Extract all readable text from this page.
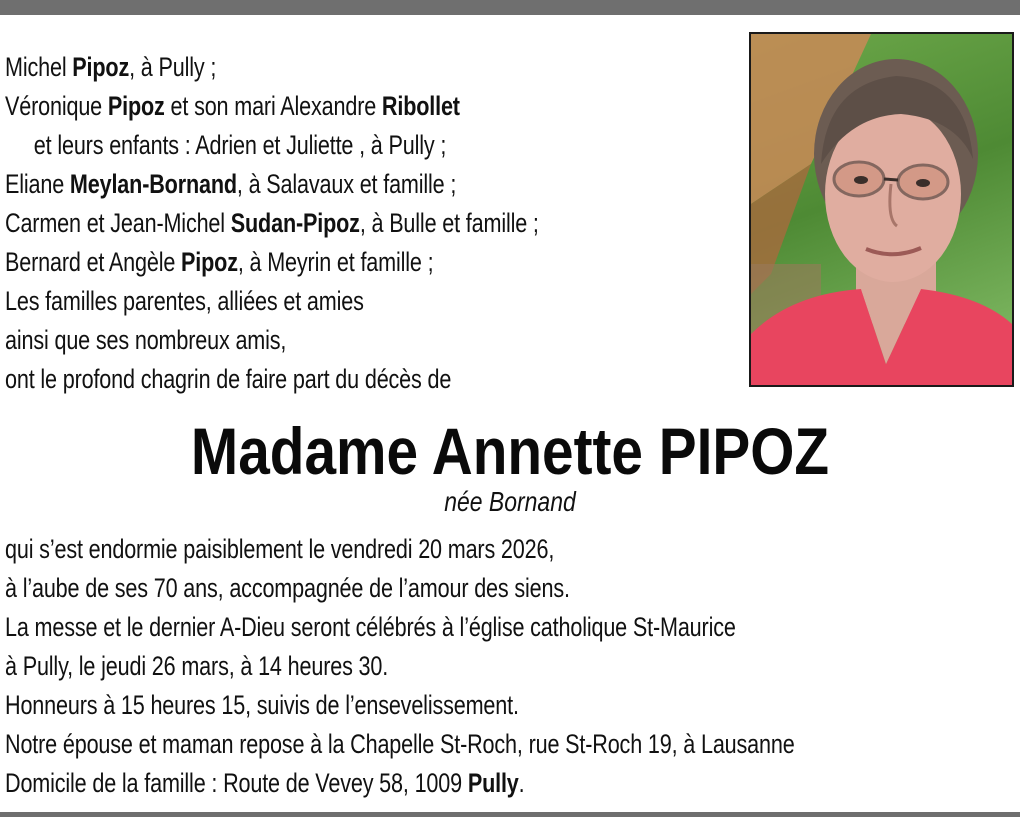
Michel Pipoz, à Pully ;
Véronique Pipoz et son mari Alexandre Ribollet
et leurs enfants : Adrien et Juliette , à Pully ;
Eliane Meylan-Bornand, à Salavaux et famille ;
Carmen et Jean-Michel Sudan-Pipoz, à Bulle et famille ;
Bernard et Angèle Pipoz, à Meyrin et famille ;
Les familles parentes, alliées et amies
ainsi que ses nombreux amis,
ont le profond chagrin de faire part du décès de
Madame Annette PIPOZ
née Bornand
qui s’est endormie paisiblement le vendredi 20 mars 2026,
à l’aube de ses 70 ans, accompagnée de l’amour des siens.
La messe et le dernier A-Dieu seront célébrés à l’église catholique St-Maurice
à Pully, le jeudi 26 mars, à 14 heures 30.
Honneurs à 15 heures 15, suivis de l’ensevelissement.
Notre épouse et maman repose à la Chapelle St-Roch, rue St-Roch 19, à Lausanne
Domicile de la famille : Route de Vevey 58, 1009 Pully.
